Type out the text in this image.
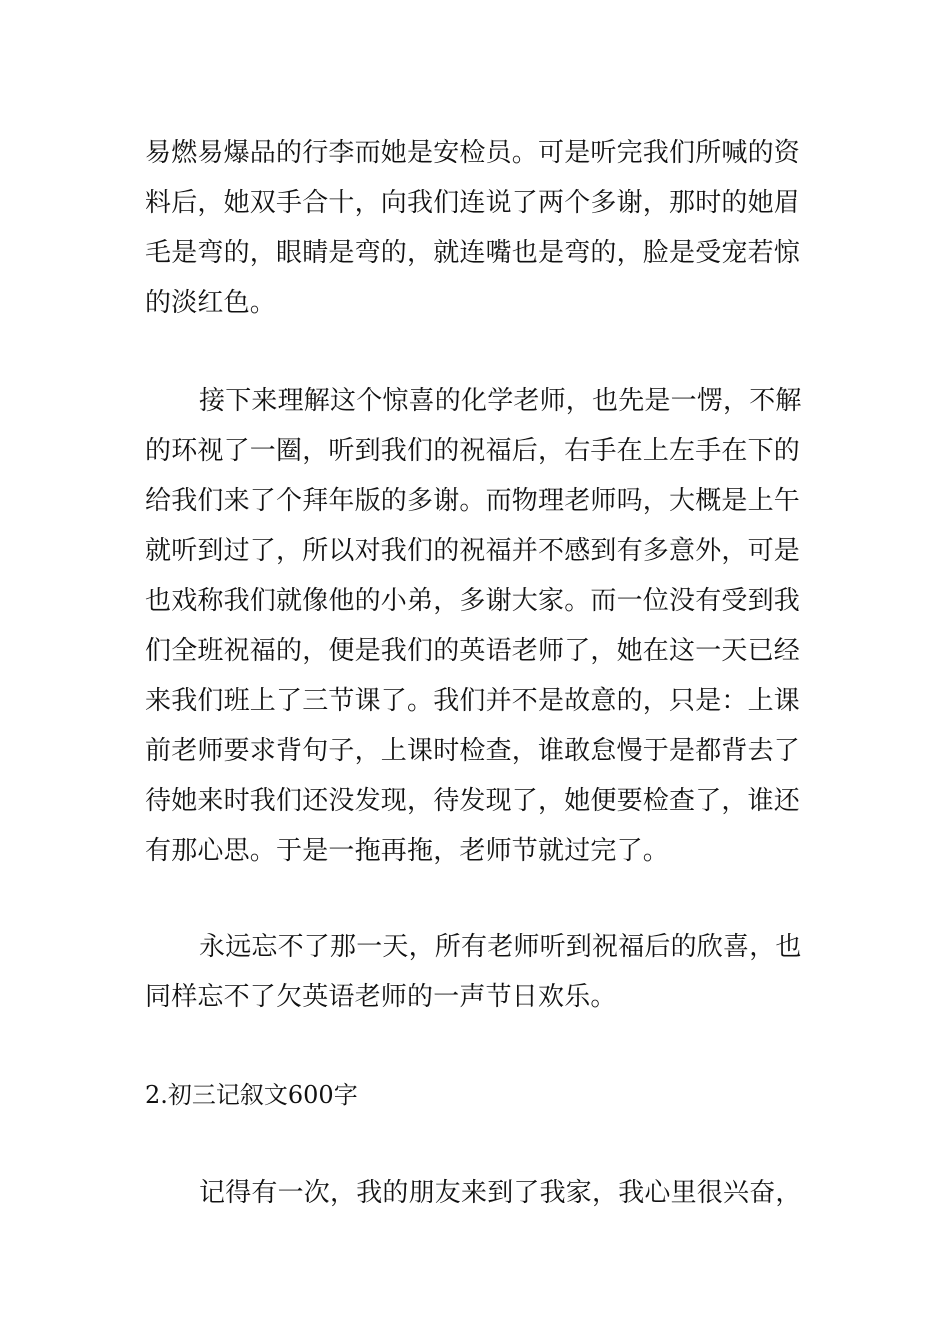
易燃易爆品的行李而她是安检员。可是听完我们所喊的资
料后，她双手合十，向我们连说了两个多谢，那时的她眉
毛是弯的，眼睛是弯的，就连嘴也是弯的，脸是受宠若惊
的淡红色。
接下来理解这个惊喜的化学老师，也先是一愣，不解
的环视了一圈，听到我们的祝福后，右手在上左手在下的
给我们来了个拜年版的多谢。而物理老师吗，大概是上午
就听到过了，所以对我们的祝福并不感到有多意外，可是
也戏称我们就像他的小弟，多谢大家。而一位没有受到我
们全班祝福的，便是我们的英语老师了，她在这一天已经
来我们班上了三节课了。我们并不是故意的，只是：上课
前老师要求背句子，上课时检查，谁敢怠慢于是都背去了
待她来时我们还没发现，待发现了，她便要检查了，谁还
有那心思。于是一拖再拖，老师节就过完了。
永远忘不了那一天，所有老师听到祝福后的欣喜，也
同样忘不了欠英语老师的一声节日欢乐。
2.初三记叙文600字
记得有一次，我的朋友来到了我家，我心里很兴奋，
